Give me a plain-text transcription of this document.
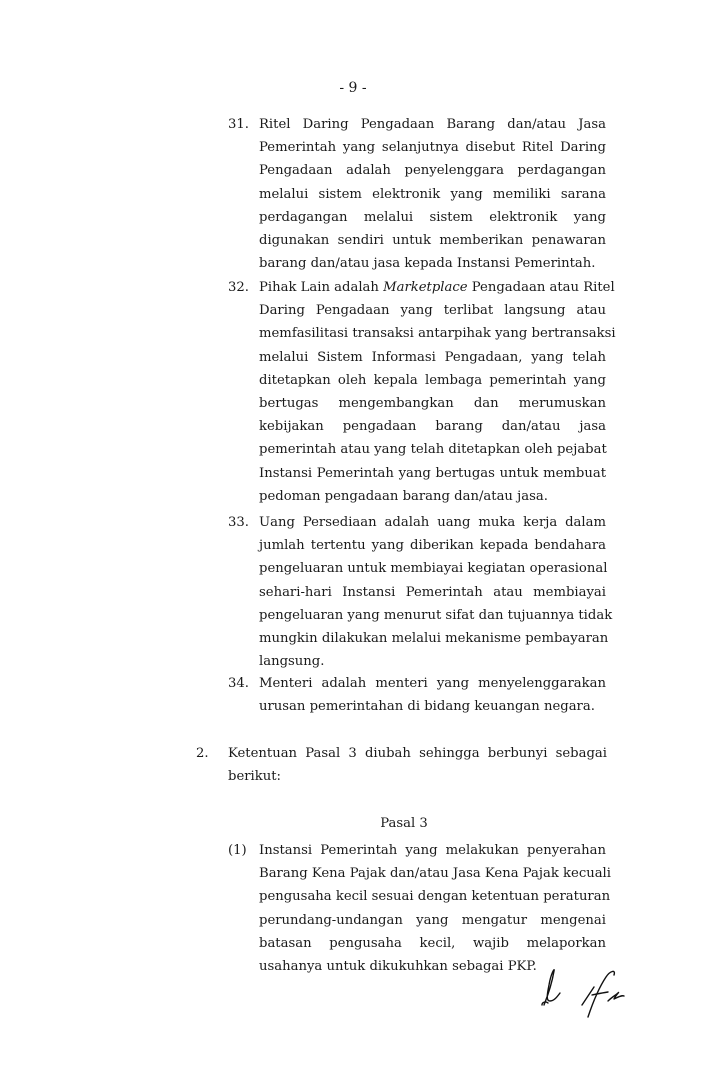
- 9 -
31. Ritel Daring Pengadaan Barang dan/atau Jasa
Pemerintah yang selanjutnya disebut Ritel Daring
Pengadaan adalah penyelenggara perdagangan
melalui sistem elektronik yang memiliki sarana
perdagangan melalui sistem elektronik yang
digunakan sendiri untuk memberikan penawaran
barang dan/atau jasa kepada Instansi Pemerintah.
32. Pihak Lain adalah Marketplace Pengadaan atau Ritel
Daring Pengadaan yang terlibat langsung atau
memfasilitasi transaksi antarpihak yang bertransaksi
melalui Sistem Informasi Pengadaan, yang telah
ditetapkan oleh kepala lembaga pemerintah yang
bertugas mengembangkan dan merumuskan
kebijakan pengadaan barang dan/atau jasa
pemerintah atau yang telah ditetapkan oleh pejabat
Instansi Pemerintah yang bertugas untuk membuat
pedoman pengadaan barang dan/atau jasa.
33. Uang Persediaan adalah uang muka kerja dalam
jumlah tertentu yang diberikan kepada bendahara
pengeluaran untuk membiayai kegiatan operasional
sehari-hari Instansi Pemerintah atau membiayai
pengeluaran yang menurut sifat dan tujuannya tidak
mungkin dilakukan melalui mekanisme pembayaran
langsung.
34. Menteri adalah menteri yang menyelenggarakan
urusan pemerintahan di bidang keuangan negara.
2. Ketentuan Pasal 3 diubah sehingga berbunyi sebagai
berikut:
Pasal 3
(1) Instansi Pemerintah yang melakukan penyerahan
Barang Kena Pajak dan/atau Jasa Kena Pajak kecuali
pengusaha kecil sesuai dengan ketentuan peraturan
perundang-undangan yang mengatur mengenai
batasan pengusaha kecil, wajib melaporkan
usahanya untuk dikukuhkan sebagai PKP.
